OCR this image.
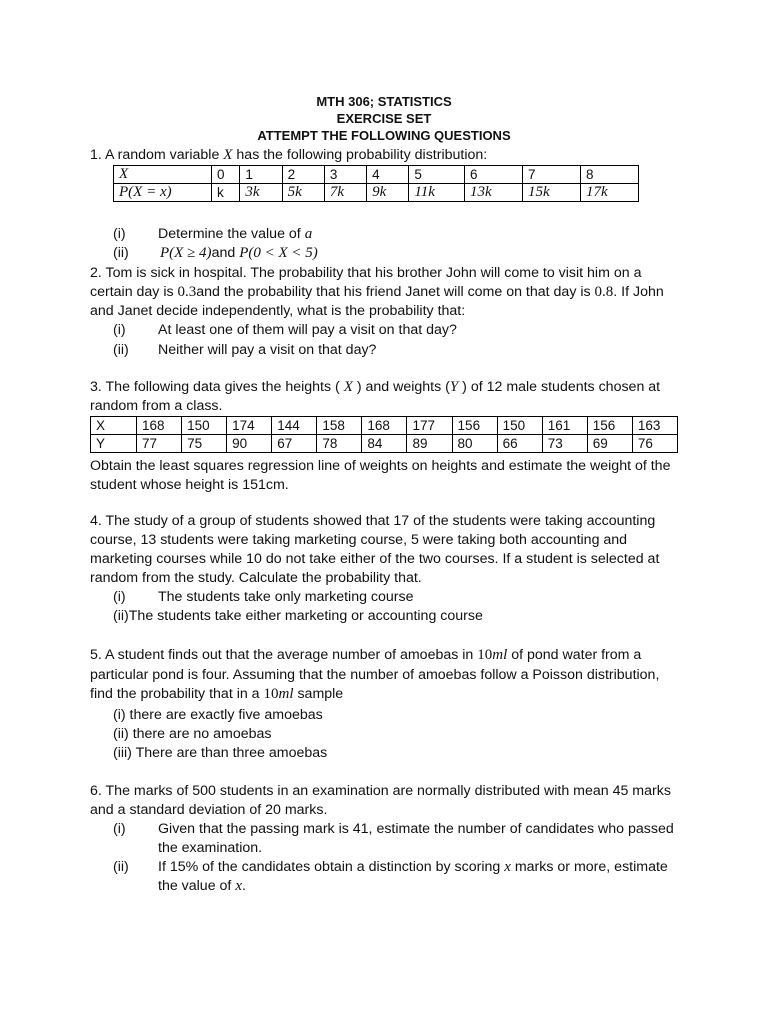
MTH 306; STATISTICS
EXERCISE SET
ATTEMPT THE FOLLOWING QUESTIONS
1. A random variable X has the following probability distribution:
X	0	1	2	3	4	5	6	7	8
P(X = x)	k	3k	5k	7k	9k	11k	13k	15k	17k
(i) Determine the value of a
(ii) P(X ≥ 4)and P(0 < X < 5)
2. Tom is sick in hospital. The probability that his brother John will come to visit him on a
certain day is 0.3and the probability that his friend Janet will come on that day is 0.8. If John
and Janet decide independently, what is the probability that:
(i) At least one of them will pay a visit on that day?
(ii) Neither will pay a visit on that day?
3. The following data gives the heights ( X ) and weights (Y ) of 12 male students chosen at
random from a class.
X	168	150	174	144	158	168	177	156	150	161	156	163
Y	77	75	90	67	78	84	89	80	66	73	69	76
Obtain the least squares regression line of weights on heights and estimate the weight of the
student whose height is 151cm.
4. The study of a group of students showed that 17 of the students were taking accounting
course, 13 students were taking marketing course, 5 were taking both accounting and
marketing courses while 10 do not take either of the two courses. If a student is selected at
random from the study. Calculate the probability that.
(i) The students take only marketing course
(ii)The students take either marketing or accounting course
5. A student finds out that the average number of amoebas in 10ml of pond water from a
particular pond is four. Assuming that the number of amoebas follow a Poisson distribution,
find the probability that in a 10ml sample
(i) there are exactly five amoebas
(ii) there are no amoebas
(iii) There are than three amoebas
6. The marks of 500 students in an examination are normally distributed with mean 45 marks
and a standard deviation of 20 marks.
(i) Given that the passing mark is 41, estimate the number of candidates who passed
the examination.
(ii) If 15% of the candidates obtain a distinction by scoring x marks or more, estimate
the value of x.
